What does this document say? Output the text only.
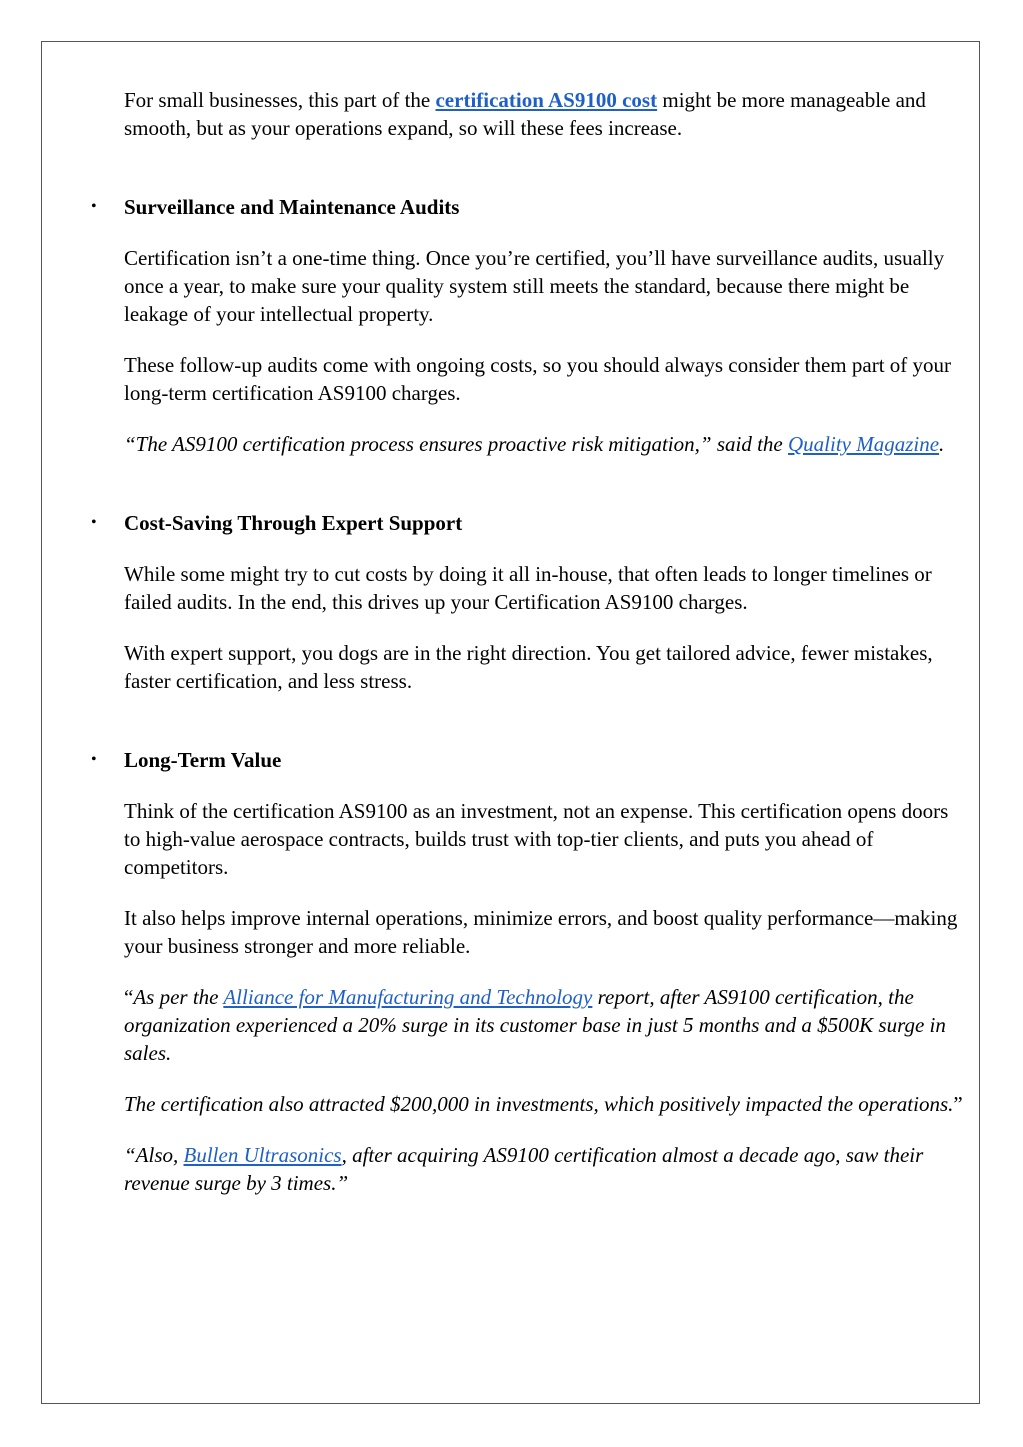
For small businesses, this part of the certification AS9100 cost might be more manageable and smooth, but as your operations expand, so will these fees increase.

• Surveillance and Maintenance Audits

Certification isn’t a one-time thing. Once you’re certified, you’ll have surveillance audits, usually once a year, to make sure your quality system still meets the standard, because there might be leakage of your intellectual property.

These follow-up audits come with ongoing costs, so you should always consider them part of your long-term certification AS9100 charges.

“The AS9100 certification process ensures proactive risk mitigation,” said the Quality Magazine.

• Cost-Saving Through Expert Support

While some might try to cut costs by doing it all in-house, that often leads to longer timelines or failed audits. In the end, this drives up your Certification AS9100 charges.

With expert support, you dogs are in the right direction. You get tailored advice, fewer mistakes, faster certification, and less stress.

• Long-Term Value

Think of the certification AS9100 as an investment, not an expense. This certification opens doors to high-value aerospace contracts, builds trust with top-tier clients, and puts you ahead of competitors.

It also helps improve internal operations, minimize errors, and boost quality performance—making your business stronger and more reliable.

“As per the Alliance for Manufacturing and Technology report, after AS9100 certification, the organization experienced a 20% surge in its customer base in just 5 months and a $500K surge in sales.

The certification also attracted $200,000 in investments, which positively impacted the operations.”

“Also, Bullen Ultrasonics, after acquiring AS9100 certification almost a decade ago, saw their revenue surge by 3 times.”
